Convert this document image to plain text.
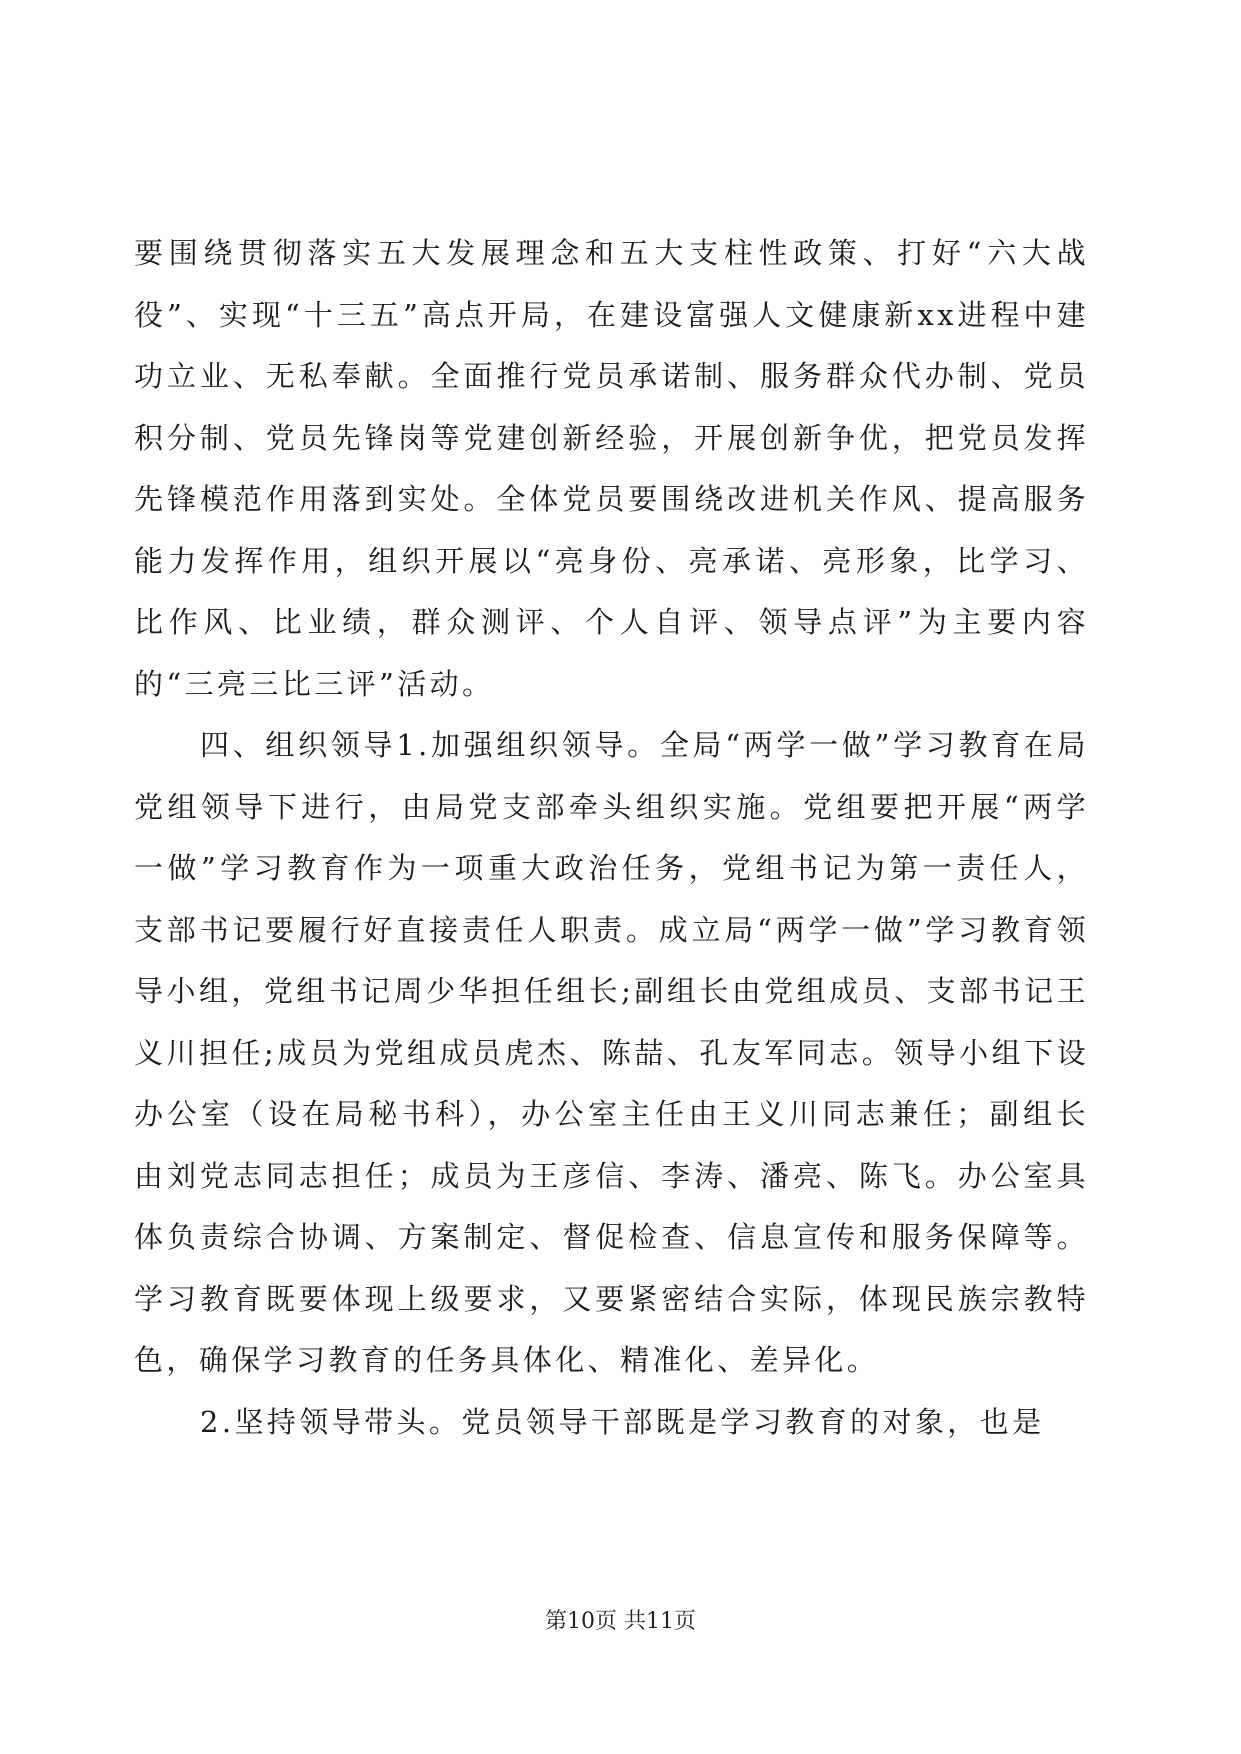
要围绕贯彻落实五大发展理念和五大支柱性政策、打好“六大战役”、实现“十三五”高点开局，在建设富强人文健康新xx进程中建功立业、无私奉献。全面推行党员承诺制、服务群众代办制、党员积分制、党员先锋岗等党建创新经验，开展创新争优，把党员发挥先锋模范作用落到实处。全体党员要围绕改进机关作风、提高服务能力发挥作用，组织开展以“亮身份、亮承诺、亮形象，比学习、比作风、比业绩，群众测评、个人自评、领导点评”为主要内容的“三亮三比三评”活动。

四、组织领导1.加强组织领导。全局“两学一做”学习教育在局党组领导下进行，由局党支部牵头组织实施。党组要把开展“两学一做”学习教育作为一项重大政治任务，党组书记为第一责任人，支部书记要履行好直接责任人职责。成立局“两学一做”学习教育领导小组，党组书记周少华担任组长;副组长由党组成员、支部书记王义川担任;成员为党组成员虎杰、陈喆、孔友军同志。领导小组下设办公室（设在局秘书科），办公室主任由王义川同志兼任；副组长由刘党志同志担任；成员为王彦信、李涛、潘亮、陈飞。办公室具体负责综合协调、方案制定、督促检查、信息宣传和服务保障等。学习教育既要体现上级要求，又要紧密结合实际，体现民族宗教特色，确保学习教育的任务具体化、精准化、差异化。

2.坚持领导带头。党员领导干部既是学习教育的对象，也是

第10页 共11页
